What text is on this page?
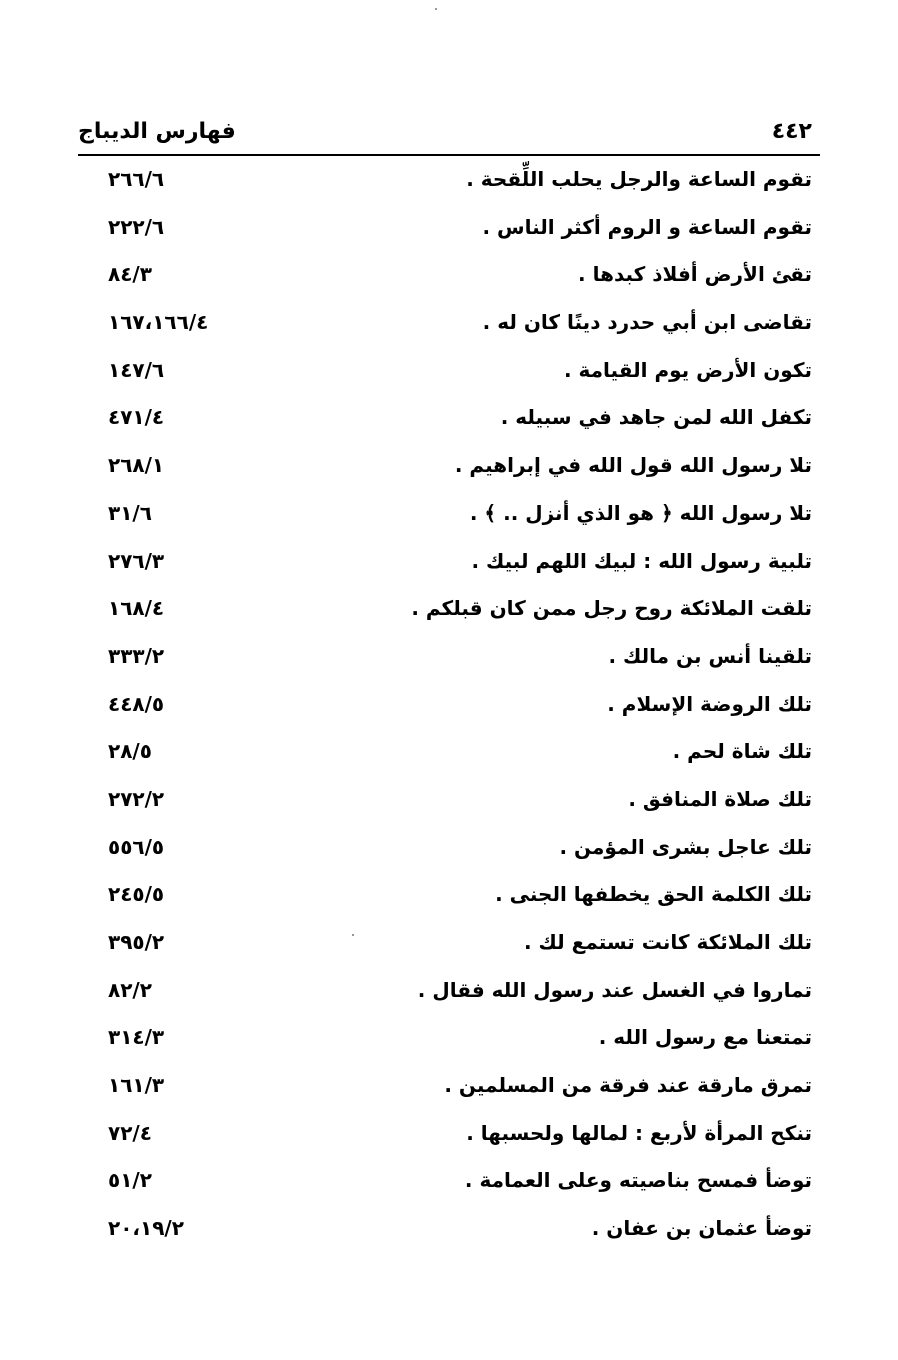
فهارس الديباج	٤٤٢
تقوم الساعة والرجل يحلب اللِّقحة .
٢٦٦/٦
تقوم الساعة و الروم أكثر الناس .
٢٢٢/٦
تقئ الأرض أفلاذ كبدها .
٨٤/٣
تقاضى ابن أبي حدرد دينًا كان له .
١٦٧،١٦٦/٤
تكون الأرض يوم القيامة .
١٤٧/٦
تكفل الله لمن جاهد في سبيله .
٤٧١/٤
تلا رسول الله قول الله في إبراهيم .
٢٦٨/١
تلا رسول الله ﴿ هو الذي أنزل .. ﴾ .
٣١/٦
تلبية رسول الله : لبيك اللهم لبيك .
٢٧٦/٣
تلقت الملائكة روح رجل ممن كان قبلكم .
١٦٨/٤
تلقينا أنس بن مالك .
٣٣٣/٢
تلك الروضة الإسلام .
٤٤٨/٥
تلك شاة لحم .
٢٨/٥
تلك صلاة المنافق .
٢٧٢/٢
تلك عاجل بشرى المؤمن .
٥٥٦/٥
تلك الكلمة الحق يخطفها الجنى .
٢٤٥/٥
تلك الملائكة كانت تستمع لك .
٣٩٥/٢
تماروا في الغسل عند رسول الله فقال .
٨٢/٢
تمتعنا مع رسول الله .
٣١٤/٣
تمرق مارقة عند فرقة من المسلمين .
١٦١/٣
تنكح المرأة لأربع : لمالها ولحسبها .
٧٢/٤
توضأ فمسح بناصيته وعلى العمامة .
٥١/٢
توضأ عثمان بن عفان .
٢٠،١٩/٢
